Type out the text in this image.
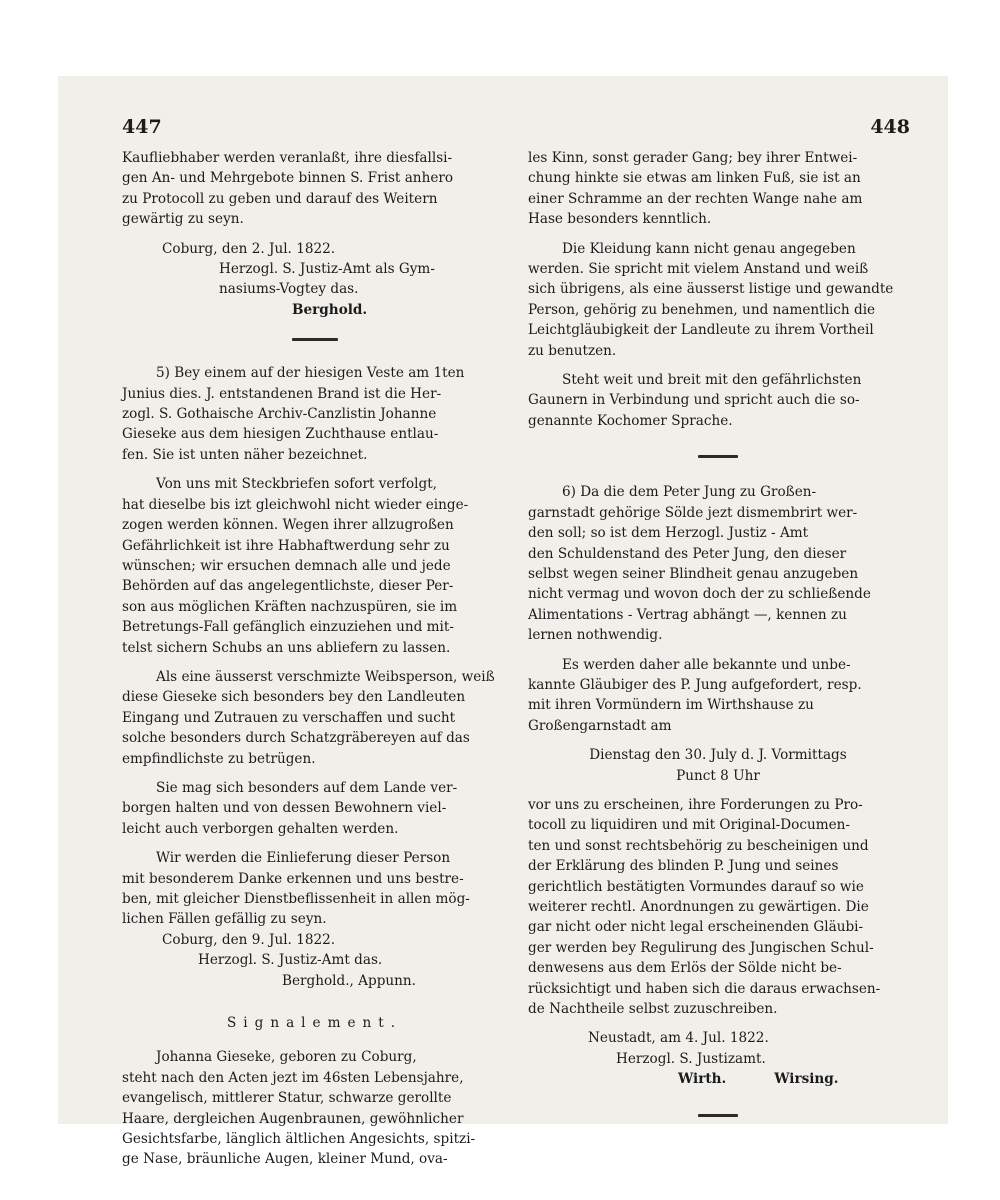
447	448

Kaufliebhaber werden veranlaßt, ihre diesfallsi-
gen An- und Mehrgebote binnen S. Frist anhero
zu Protocoll zu geben und darauf des Weitern
gewärtig zu seyn.

Coburg, den 2. Jul. 1822.
Herzogl. S. Justiz-Amt als Gym-
nasiums-Vogtey das.
Berghold.

5) Bey einem auf der hiesigen Veste am 1ten
Junius dies. J. entstandenen Brand ist die Her-
zogl. S. Gothaische Archiv-Canzlistin Johanne
Gieseke aus dem hiesigen Zuchthause entlau-
fen. Sie ist unten näher bezeichnet.

Von uns mit Steckbriefen sofort verfolgt,
hat dieselbe bis izt gleichwohl nicht wieder einge-
zogen werden können. Wegen ihrer allzugroßen
Gefährlichkeit ist ihre Habhaftwerdung sehr zu
wünschen; wir ersuchen demnach alle und jede
Behörden auf das angelegentlichste, dieser Per-
son aus möglichen Kräften nachzuspüren, sie im
Betretungs-Fall gefänglich einzuziehen und mit-
telst sichern Schubs an uns abliefern zu lassen.

Als eine äusserst verschmizte Weibsperson, weiß
diese Gieseke sich besonders bey den Landleuten
Eingang und Zutrauen zu verschaffen und sucht
solche besonders durch Schatzgräbereyen auf das
empfindlichste zu betrügen.

Sie mag sich besonders auf dem Lande ver-
borgen halten und von dessen Bewohnern viel-
leicht auch verborgen gehalten werden.

Wir werden die Einlieferung dieser Person
mit besonderem Danke erkennen und uns bestre-
ben, mit gleicher Dienstbeflissenheit in allen mög-
lichen Fällen gefällig zu seyn.

Coburg, den 9. Jul. 1822.
Herzogl. S. Justiz-Amt das.
Berghold., Appunn.
Signalement.

Johanna Gieseke, geboren zu Coburg,
steht nach den Acten jezt im 46sten Lebensjahre,
evangelisch, mittlerer Statur, schwarze gerollte
Haare, dergleichen Augenbraunen, gewöhnlicher
Gesichtsfarbe, länglich ältlichen Angesichts, spitzi-
ge Nase, bräunliche Augen, kleiner Mund, ova-

les Kinn, sonst gerader Gang; bey ihrer Entwei-
chung hinkte sie etwas am linken Fuß, sie ist an
einer Schramme an der rechten Wange nahe am
Hase besonders kenntlich.

Die Kleidung kann nicht genau angegeben
werden. Sie spricht mit vielem Anstand und weiß
sich übrigens, als eine äusserst listige und gewandte
Person, gehörig zu benehmen, und namentlich die
Leichtgläubigkeit der Landleute zu ihrem Vortheil
zu benutzen.

Steht weit und breit mit den gefährlichsten
Gaunern in Verbindung und spricht auch die so-
genannte Kochomer Sprache.

6) Da die dem Peter Jung zu Großen-
garnstadt gehörige Sölde jezt dismembrirt wer-
den soll; so ist dem Herzogl. Justiz - Amt
den Schuldenstand des Peter Jung, den dieser
selbst wegen seiner Blindheit genau anzugeben
nicht vermag und wovon doch der zu schließende
Alimentations - Vertrag abhängt —, kennen zu
lernen nothwendig.

Es werden daher alle bekannte und unbe-
kannte Gläubiger des P. Jung aufgefordert, resp.
mit ihren Vormündern im Wirthshause zu
Großengarnstadt am

Dienstag den 30. July d. J. Vormittags
Punct 8 Uhr

vor uns zu erscheinen, ihre Forderungen zu Pro-
tocoll zu liquidiren und mit Original-Documen-
ten und sonst rechtsbehörig zu bescheinigen und
der Erklärung des blinden P. Jung und seines
gerichtlich bestätigten Vormundes darauf so wie
weiterer rechtl. Anordnungen zu gewärtigen. Die
gar nicht oder nicht legal erscheinenden Gläubi-
ger werden bey Regulirung des Jungischen Schul-
denwesens aus dem Erlös der Sölde nicht be-
rücksichtigt und haben sich die daraus erwachsen-
de Nachtheile selbst zuzuschreiben.

Neustadt, am 4. Jul. 1822.
Herzogl. S. Justizamt.
Wirth.	Wirsing.
